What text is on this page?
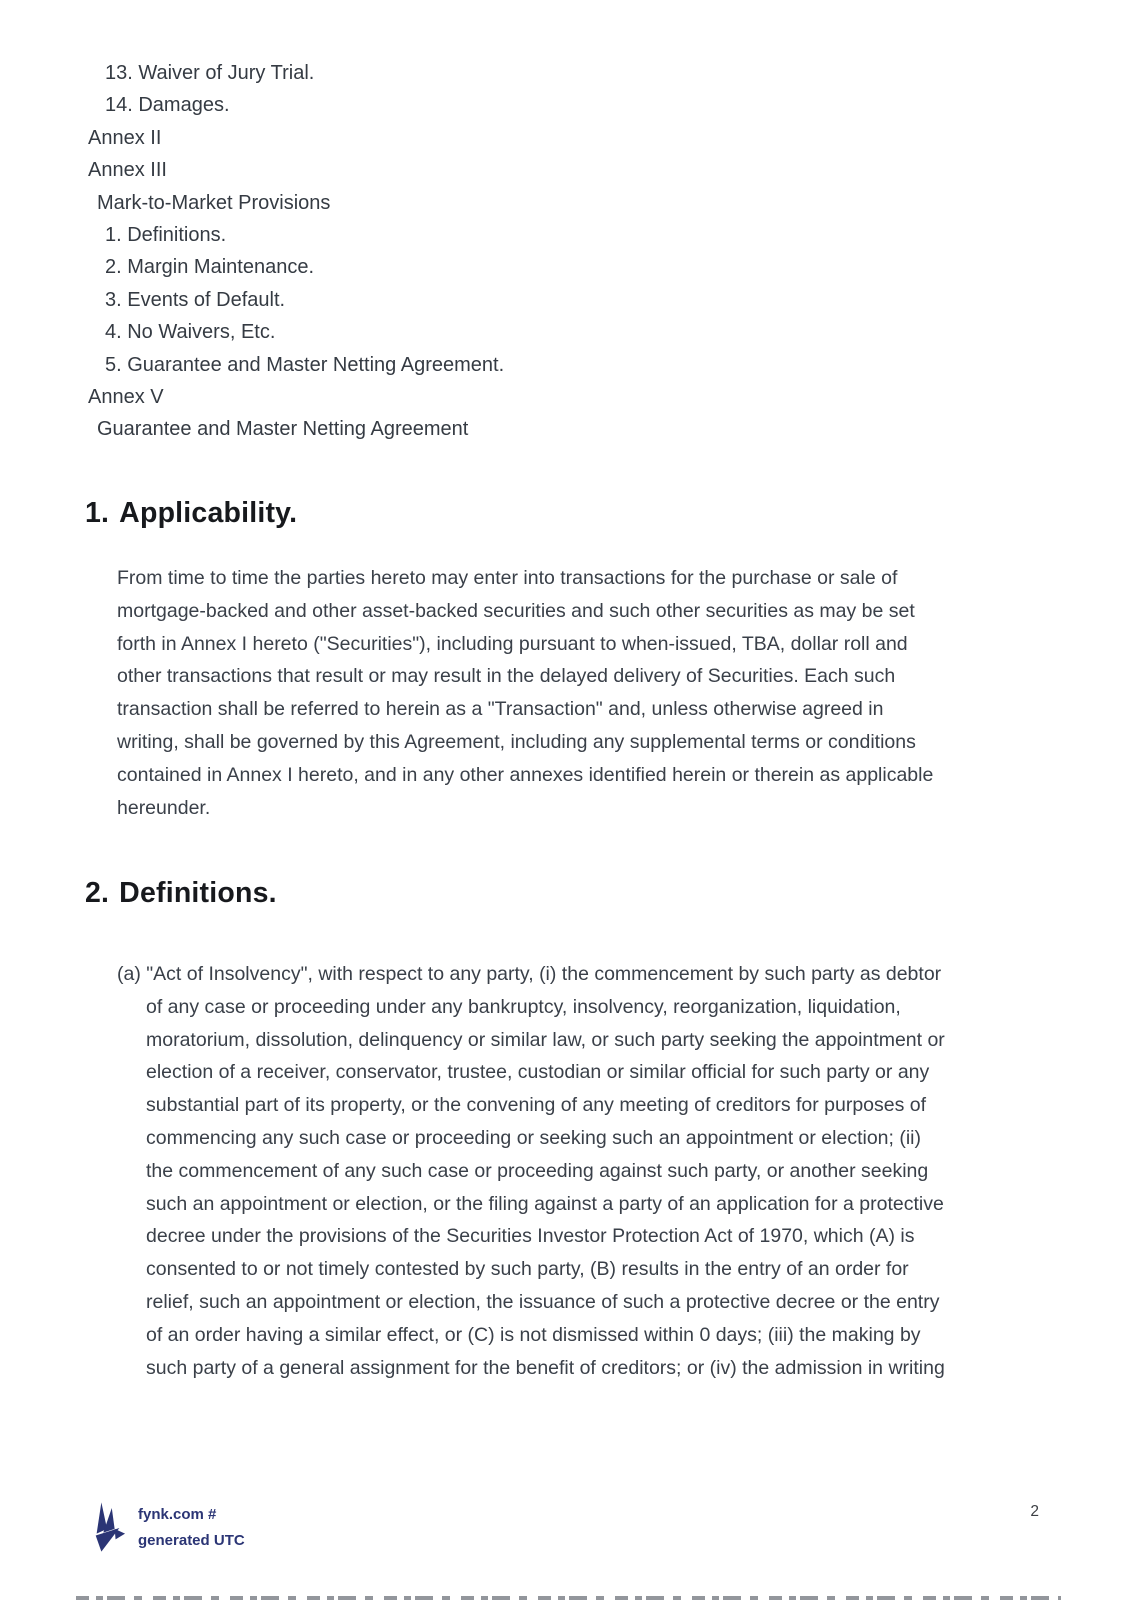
13. Waiver of Jury Trial.
14. Damages.
Annex II
Annex III
Mark-to-Market Provisions
1. Definitions.
2. Margin Maintenance.
3. Events of Default.
4. No Waivers, Etc.
5. Guarantee and Master Netting Agreement.
Annex V
Guarantee and Master Netting Agreement
1. Applicability.
From time to time the parties hereto may enter into transactions for the purchase or sale of
mortgage-backed and other asset-backed securities and such other securities as may be set
forth in Annex I hereto ("Securities"), including pursuant to when-issued, TBA, dollar roll and
other transactions that result or may result in the delayed delivery of Securities. Each such
transaction shall be referred to herein as a "Transaction" and, unless otherwise agreed in
writing, shall be governed by this Agreement, including any supplemental terms or conditions
contained in Annex I hereto, and in any other annexes identified herein or therein as applicable
hereunder.
2. Definitions.
(a) "Act of Insolvency", with respect to any party, (i) the commencement by such party as debtor
of any case or proceeding under any bankruptcy, insolvency, reorganization, liquidation,
moratorium, dissolution, delinquency or similar law, or such party seeking the appointment or
election of a receiver, conservator, trustee, custodian or similar official for such party or any
substantial part of its property, or the convening of any meeting of creditors for purposes of
commencing any such case or proceeding or seeking such an appointment or election; (ii)
the commencement of any such case or proceeding against such party, or another seeking
such an appointment or election, or the filing against a party of an application for a protective
decree under the provisions of the Securities Investor Protection Act of 1970, which (A) is
consented to or not timely contested by such party, (B) results in the entry of an order for
relief, such an appointment or election, the issuance of such a protective decree or the entry
of an order having a similar effect, or (C) is not dismissed within 0 days; (iii) the making by
such party of a general assignment for the benefit of creditors; or (iv) the admission in writing
fynk.com #
generated UTC
2
